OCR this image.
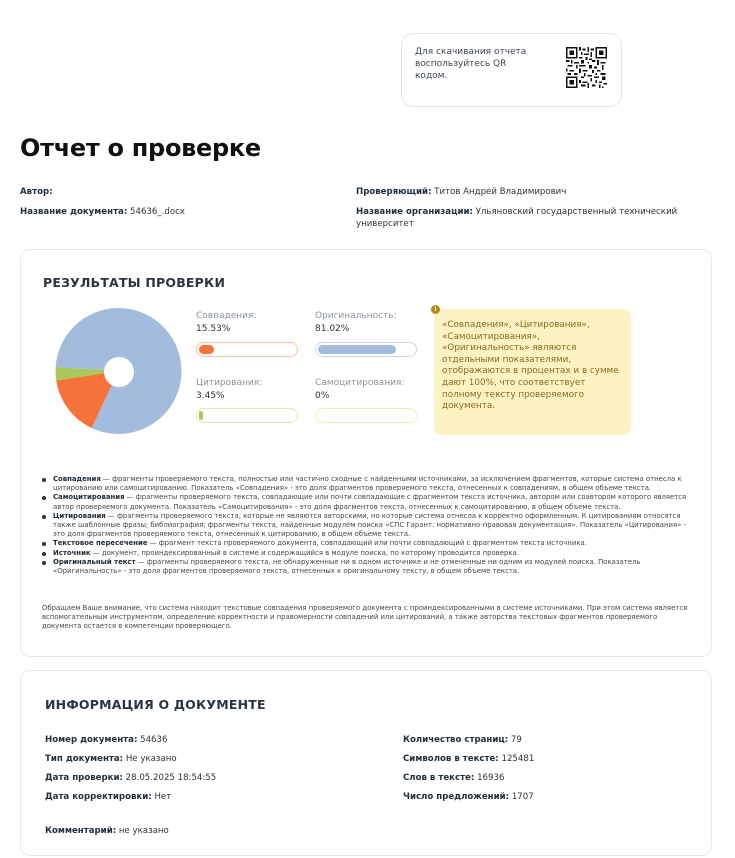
Для скачивания отчета воспользуйтесь QR кодом.
Отчет о проверке
Автор:
Название документа: 54636_.docx
Проверяющий: Титов Андрей Владимирович
Название организации: Ульяновский государственный технический университет
РЕЗУЛЬТАТЫ ПРОВЕРКИ
Совпадения:
15.53%
Оригинальность:
81.02%
Цитирования:
3.45%
Самоцитирования:
0%
!
«Совпадения», «Цитирования», «Самоцитирования», «Оригинальность» являются отдельными показателями, отображаются в процентах и в сумме дают 100%, что соответствует полному тексту проверяемого документа.
Совпадения — фрагменты проверяемого текста, полностью или частично сходные с найденными источниками, за исключением фрагментов, которые система отнесла к цитированию или самоцитированию. Показатель «Совпадения» - это доля фрагментов проверяемого текста, отнесенных к совпадениям, в общем объеме текста.
Самоцитирования — фрагменты проверяемого текста, совпадающие или почти совпадающие с фрагментом текста источника, автором или соавтором которого является автор проверяемого документа. Показатель «Самоцитирования» - это доля фрагментов текста, отнесенных к самоцитированию, в общем объеме текста.
Цитирования — фрагменты проверяемого текста, которые не являются авторскими, но которые система отнесла к корректно оформленным. К цитированиям относятся также шаблонные фразы; библиография; фрагменты текста, найденные модулем поиска «СПС Гарант: нормативно-правовая документация». Показатель «Цитирования» - это доля фрагментов проверяемого текста, отнесенных к цитированию, в общем объеме текста.
Текстовое пересечение — фрагмент текста проверяемого документа, совпадающий или почти совпадающий с фрагментом текста источника.
Источник — документ, проиндексированный в системе и содержащийся в модуле поиска, по которому проводится проверка.
Оригинальный текст — фрагменты проверяемого текста, не обнаруженные ни в одном источнике и не отмеченные ни одним из модулей поиска. Показатель «Оригинальность» - это доля фрагментов проверяемого текста, отнесенных к оригинальному тексту, в общем объеме текста.
Обращаем Ваше внимание, что система находит текстовые совпадения проверяемого документа с проиндексированными в системе источниками. При этом система является вспомогательным инструментом, определение корректности и правомерности совпадений или цитирований, а также авторства текстовых фрагментов проверяемого документа остается в компетенции проверяющего.
ИНФОРМАЦИЯ О ДОКУМЕНТЕ
Номер документа: 54636
Тип документа: Не указано
Дата проверки: 28.05.2025 18:54:55
Дата корректировки: Нет
Количество страниц: 79
Символов в тексте: 125481
Слов в тексте: 16936
Число предложений: 1707
Комментарий: не указано
